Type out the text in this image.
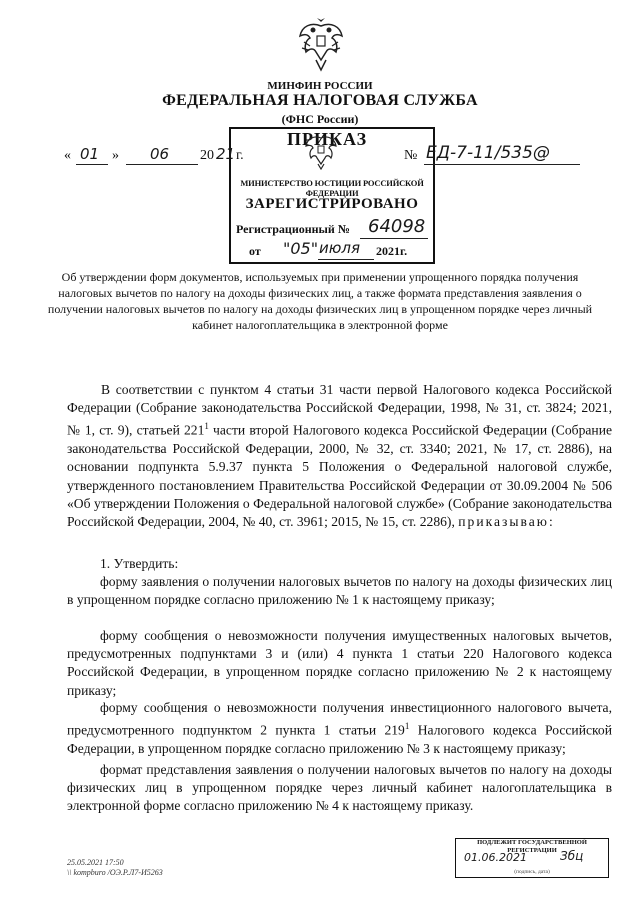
МИНФИН РОССИИ
ФЕДЕРАЛЬНАЯ НАЛОГОВАЯ СЛУЖБА
(ФНС России)
ПРИКАЗ
МИНИСТЕРСТВО ЮСТИЦИИ РОССИЙСКОЙ ФЕДЕРАЦИИ
ЗАРЕГИСТРИРОВАНО
Регистрационный № 64098
от "05" июля 2021г.
« 01 » 06 20 21 г.	№ ЕД-7-11/535@
Об утверждении форм документов, используемых при применении упрощенного порядка получения налоговых вычетов по налогу на доходы физических лиц, а также формата представления заявления о получении налоговых вычетов по налогу на доходы физических лиц в упрощенном порядке через личный кабинет налогоплательщика в электронной форме
В соответствии с пунктом 4 статьи 31 части первой Налогового кодекса Российской Федерации (Собрание законодательства Российской Федерации, 1998, № 31, ст. 3824; 2021, № 1, ст. 9), статьей $221^1$ части второй Налогового кодекса Российской Федерации (Собрание законодательства Российской Федерации, 2000, № 32, ст. 3340; 2021, № 17, ст. 2886), на основании подпункта 5.9.37 пункта 5 Положения о Федеральной налоговой службе, утвержденного постановлением Правительства Российской Федерации от 30.09.2004 № 506 «Об утверждении Положения о Федеральной налоговой службе» (Собрание законодательства Российской Федерации, 2004, № 40, ст. 3961; 2015, № 15, ст. 2286), приказываю:
1. Утвердить:
форму заявления о получении налоговых вычетов по налогу на доходы физических лиц в упрощенном порядке согласно приложению № 1 к настоящему приказу;
форму сообщения о невозможности получения имущественных налоговых вычетов, предусмотренных подпунктами 3 и (или) 4 пункта 1 статьи 220 Налогового кодекса Российской Федерации, в упрощенном порядке согласно приложению № 2 к настоящему приказу;
форму сообщения о невозможности получения инвестиционного налогового вычета, предусмотренного подпунктом 2 пункта 1 статьи $219^1$ Налогового кодекса Российской Федерации, в упрощенном порядке согласно приложению № 3 к настоящему приказу;
формат представления заявления о получении налоговых вычетов по налогу на доходы физических лиц в упрощенном порядке через личный кабинет налогоплательщика в электронной форме согласно приложению № 4 к настоящему приказу.
25.05.2021 17:50
\\ kompburo /ОЭ.Р.Л7-И5263
ПОДЛЕЖИТ ГОСУДАРСТВЕННОЙ РЕГИСТРАЦИИ
01.06.2021	Збц
(подпись, дата)
